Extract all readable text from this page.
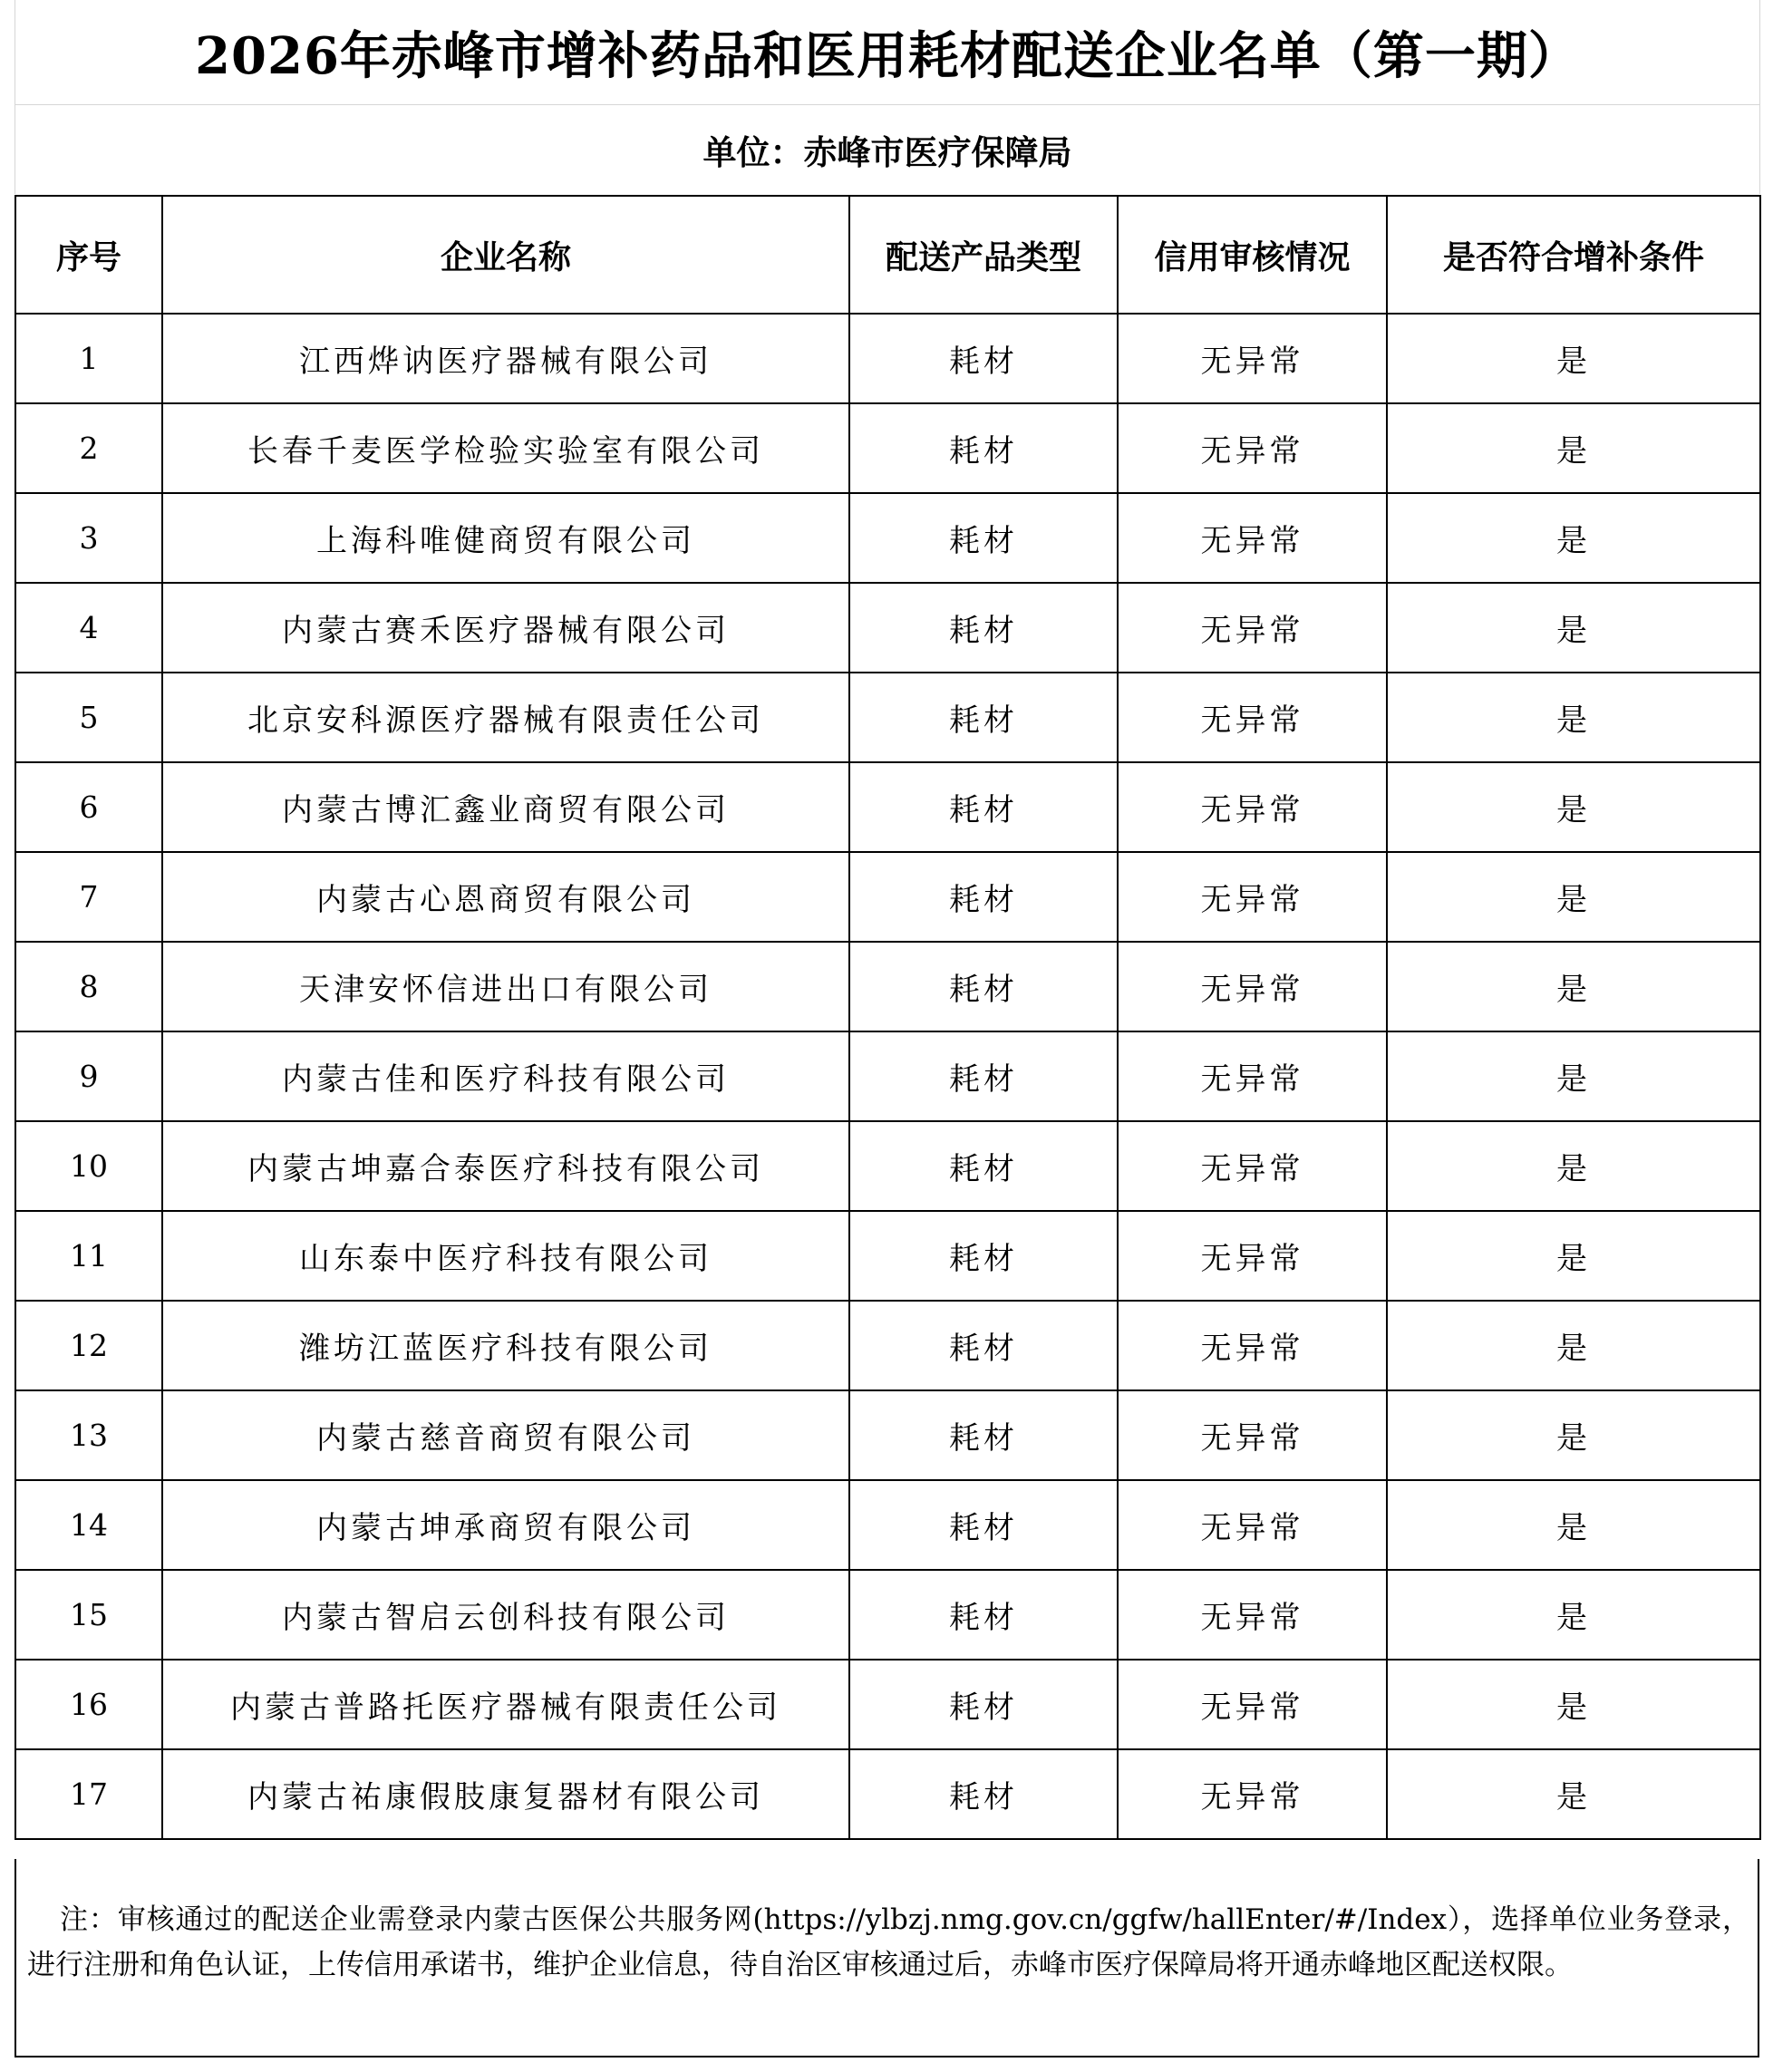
2026年赤峰市增补药品和医用耗材配送企业名单（第一期）
单位：赤峰市医疗保障局
序号	企业名称	配送产品类型	信用审核情况	是否符合增补条件
1	江西烨讷医疗器械有限公司	耗材	无异常	是
2	长春千麦医学检验实验室有限公司	耗材	无异常	是
3	上海科唯健商贸有限公司	耗材	无异常	是
4	内蒙古赛禾医疗器械有限公司	耗材	无异常	是
5	北京安科源医疗器械有限责任公司	耗材	无异常	是
6	内蒙古博汇鑫业商贸有限公司	耗材	无异常	是
7	内蒙古心恩商贸有限公司	耗材	无异常	是
8	天津安怀信进出口有限公司	耗材	无异常	是
9	内蒙古佳和医疗科技有限公司	耗材	无异常	是
10	内蒙古坤嘉合泰医疗科技有限公司	耗材	无异常	是
11	山东泰中医疗科技有限公司	耗材	无异常	是
12	潍坊江蓝医疗科技有限公司	耗材	无异常	是
13	内蒙古慈音商贸有限公司	耗材	无异常	是
14	内蒙古坤承商贸有限公司	耗材	无异常	是
15	内蒙古智启云创科技有限公司	耗材	无异常	是
16	内蒙古普路托医疗器械有限责任公司	耗材	无异常	是
17	内蒙古祐康假肢康复器材有限公司	耗材	无异常	是
注：审核通过的配送企业需登录内蒙古医保公共服务网(https://ylbzj.nmg.gov.cn/ggfw/hallEnter/#/Index），选择单位业务登录，进行注册和角色认证，上传信用承诺书，维护企业信息，待自治区审核通过后，赤峰市医疗保障局将开通赤峰地区配送权限。
